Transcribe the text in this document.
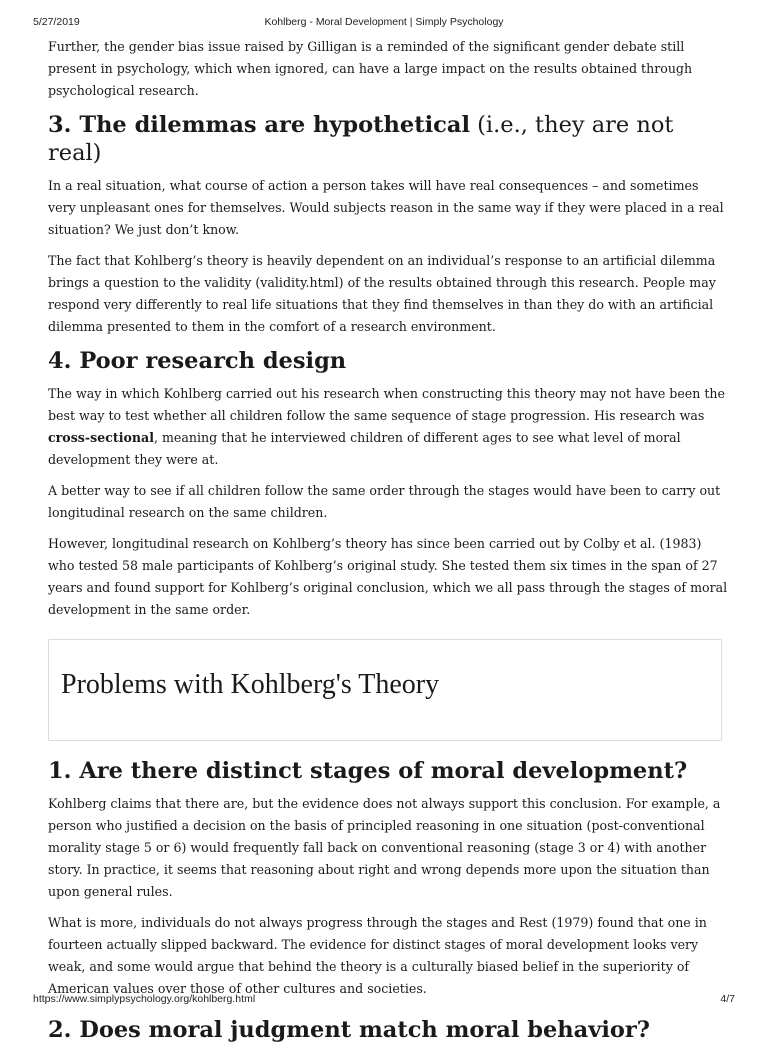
5/27/2019	Kohlberg - Moral Development | Simply Psychology

Further, the gender bias issue raised by Gilligan is a reminded of the significant gender debate still present in psychology, which when ignored, can have a large impact on the results obtained through psychological research.

3. The dilemmas are hypothetical (i.e., they are not real)

In a real situation, what course of action a person takes will have real consequences – and sometimes very unpleasant ones for themselves. Would subjects reason in the same way if they were placed in a real situation? We just don’t know.

The fact that Kohlberg’s theory is heavily dependent on an individual’s response to an artificial dilemma brings a question to the validity (validity.html) of the results obtained through this research. People may respond very differently to real life situations that they find themselves in than they do with an artificial dilemma presented to them in the comfort of a research environment.

4. Poor research design

The way in which Kohlberg carried out his research when constructing this theory may not have been the best way to test whether all children follow the same sequence of stage progression. His research was cross-sectional, meaning that he interviewed children of different ages to see what level of moral development they were at.

A better way to see if all children follow the same order through the stages would have been to carry out longitudinal research on the same children.

However, longitudinal research on Kohlberg’s theory has since been carried out by Colby et al. (1983) who tested 58 male participants of Kohlberg’s original study. She tested them six times in the span of 27 years and found support for Kohlberg’s original conclusion, which we all pass through the stages of moral development in the same order.

Problems with Kohlberg's Theory
1. Are there distinct stages of moral development?

Kohlberg claims that there are, but the evidence does not always support this conclusion. For example, a person who justified a decision on the basis of principled reasoning in one situation (post-conventional morality stage 5 or 6) would frequently fall back on conventional reasoning (stage 3 or 4) with another story. In practice, it seems that reasoning about right and wrong depends more upon the situation than upon general rules.

What is more, individuals do not always progress through the stages and Rest (1979) found that one in fourteen actually slipped backward. The evidence for distinct stages of moral development looks very weak, and some would argue that behind the theory is a culturally biased belief in the superiority of American values over those of other cultures and societies.

2. Does moral judgment match moral behavior?
https://www.simplypsychology.org/kohlberg.html	4/7
